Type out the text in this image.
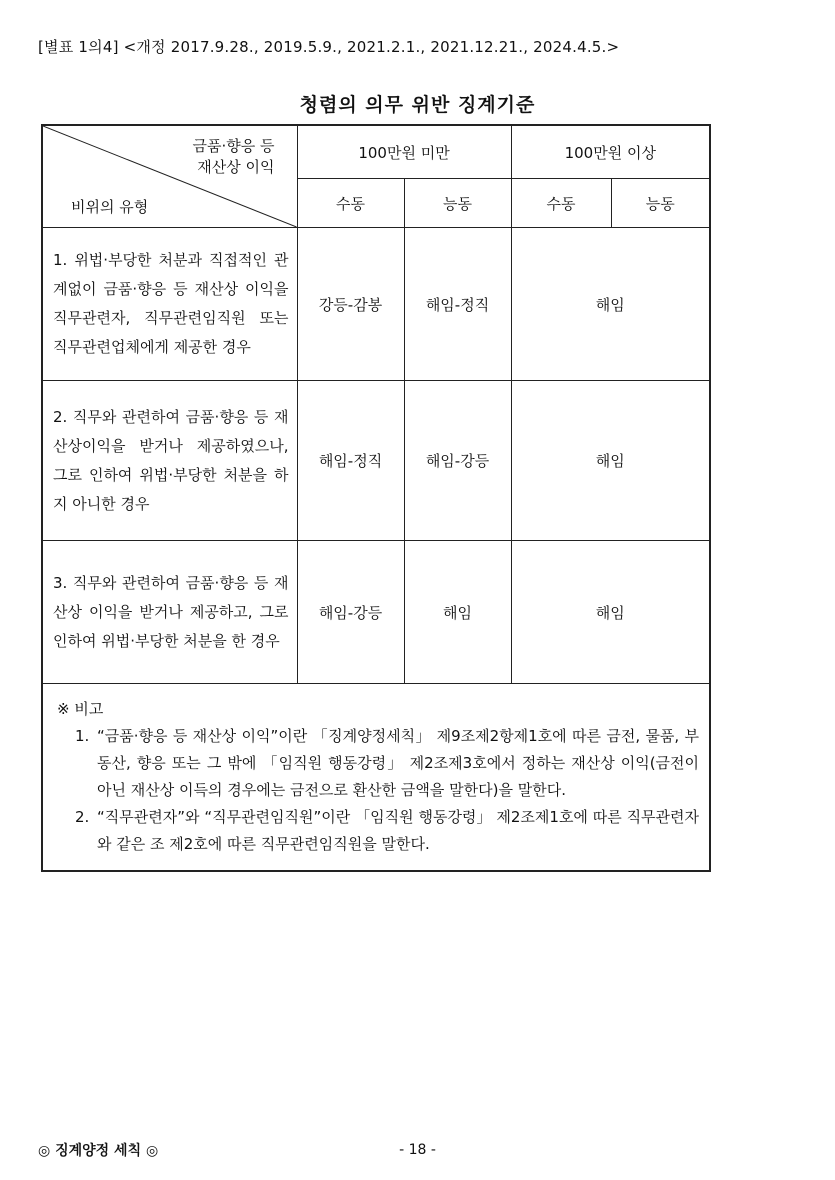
[별표 1의4] <개정 2017.9.28., 2019.5.9., 2021.2.1., 2021.12.21., 2024.4.5.>
청렴의 의무 위반 징계기준
금품·향응 등
재산상 이익
비위의 유형	100만원 미만		100만원 이상	
	수동	능동	수동	능동
1. 위법·부당한 처분과 직접적인 관계없이 금품·향응 등 재산상 이익을 직무관련자, 직무관련임직원 또는 직무관련업체에게 제공한 경우	강등-감봉	해임-정직	해임	
2. 직무와 관련하여 금품·향응 등 재산상이익을 받거나 제공하였으나, 그로 인하여 위법·부당한 처분을 하지 아니한 경우	해임-정직	해임-강등	해임	
3. 직무와 관련하여 금품·향응 등 재산상 이익을 받거나 제공하고, 그로 인하여 위법·부당한 처분을 한 경우	해임-강등	해임	해임	

※ 비고
1. “금품·향응 등 재산상 이익”이란 「징계양정세칙」 제9조제2항제1호에 따른 금전, 물품, 부동산, 향응 또는 그 밖에 「임직원 행동강령」 제2조제3호에서 정하는 재산상 이익(금전이 아닌 재산상 이득의 경우에는 금전으로 환산한 금액을 말한다)을 말한다.
2. “직무관련자”와 “직무관련임직원”이란 「임직원 행동강령」 제2조제1호에 따른 직무관련자와 같은 조 제2호에 따른 직무관련임직원을 말한다.				
◎ 징계양정 세칙 ◎	- 18 -
